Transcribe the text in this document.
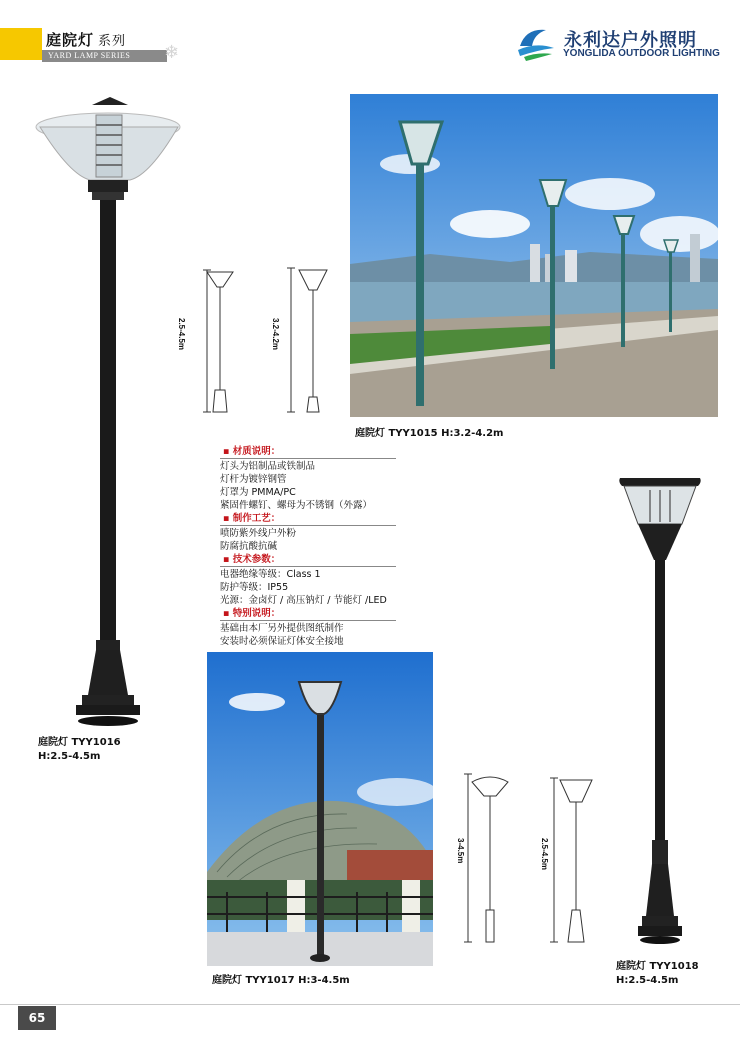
庭院灯 系列
YARD LAMP SERIES ❄
永利达户外照明
YONGLIDA OUTDOOR LIGHTING
庭院灯 TYY1016
H:2.5-4.5m
2.5-4.5m	3.2-4.2m
庭院灯 TYY1015 H:3.2-4.2m
▪ 材质说明：
灯头为铝制品或铁制品
灯杆为镀锌钢管
灯罩为 PMMA/PC
紧固件螺钉、螺母为不锈钢（外露）
▪ 制作工艺：
喷防紫外线户外粉
防腐抗酸抗碱
▪ 技术参数：
电器绝缘等级：Class 1
防护等级：IP55
光源：金卤灯 / 高压钠灯 / 节能灯 /LED
▪ 特别说明：
基础由本厂另外提供图纸制作
安装时必须保证灯体安全接地
庭院灯 TYY1017 H:3-4.5m
3-4.5m	2.5-4.5m
庭院灯 TYY1018
H:2.5-4.5m
65
